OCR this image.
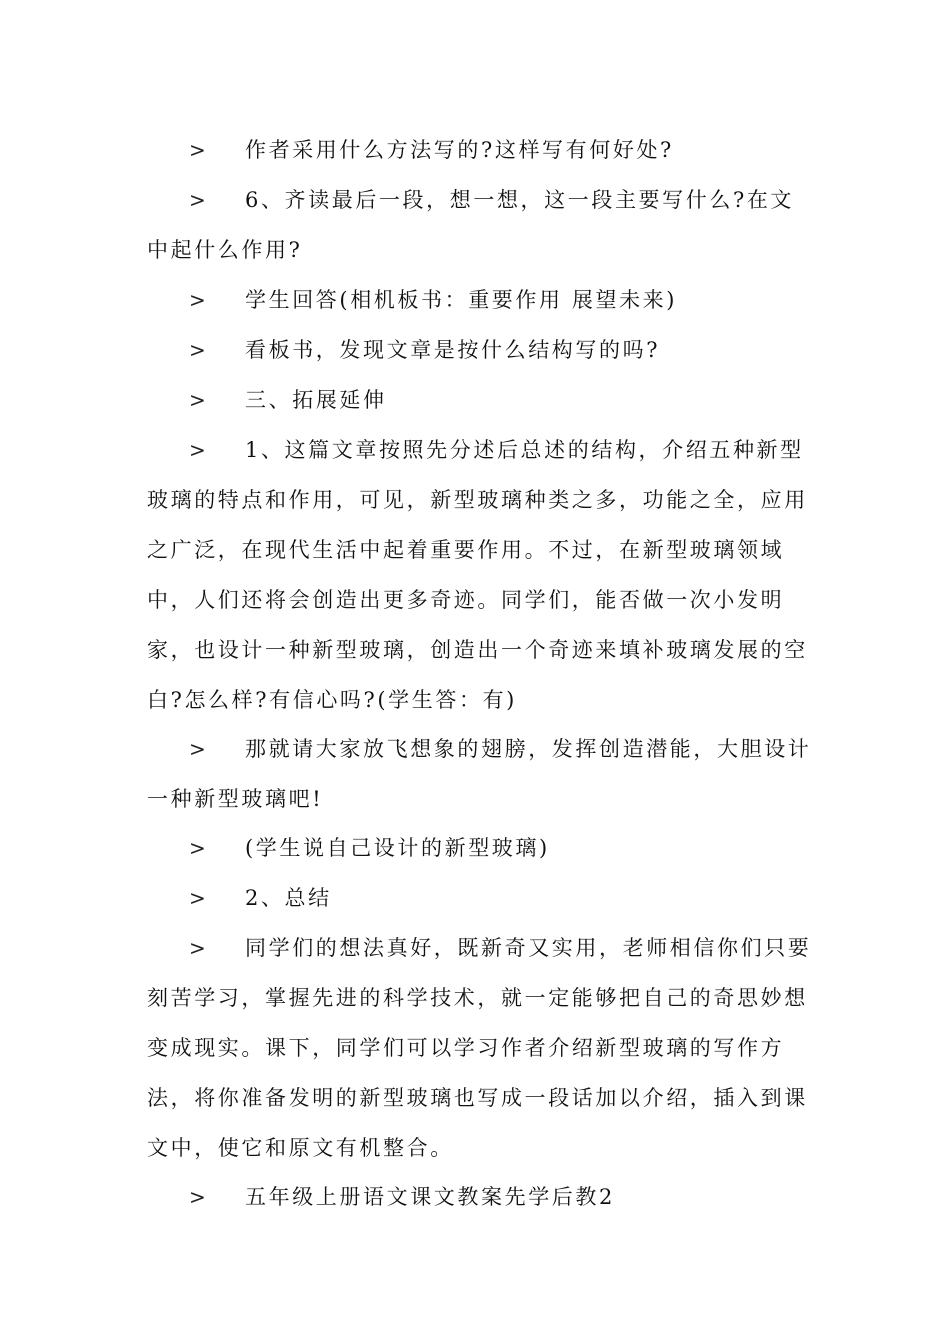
> 作者采用什么方法写的?这样写有何好处?

> 6、齐读最后一段，想一想，这一段主要写什么?在文中起什么作用?

> 学生回答(相机板书：重要作用 展望未来)

> 看板书，发现文章是按什么结构写的吗?

> 三、拓展延伸

> 1、这篇文章按照先分述后总述的结构，介绍五种新型玻璃的特点和作用，可见，新型玻璃种类之多，功能之全，应用之广泛，在现代生活中起着重要作用。不过，在新型玻璃领域中，人们还将会创造出更多奇迹。同学们，能否做一次小发明家，也设计一种新型玻璃，创造出一个奇迹来填补玻璃发展的空白?怎么样?有信心吗?(学生答：有)

> 那就请大家放飞想象的翅膀，发挥创造潜能，大胆设计一种新型玻璃吧!

> (学生说自己设计的新型玻璃)

> 2、总结

> 同学们的想法真好，既新奇又实用，老师相信你们只要刻苦学习，掌握先进的科学技术，就一定能够把自己的奇思妙想变成现实。课下，同学们可以学习作者介绍新型玻璃的写作方法，将你准备发明的新型玻璃也写成一段话加以介绍，插入到课文中，使它和原文有机整合。

> 五年级上册语文课文教案先学后教2
